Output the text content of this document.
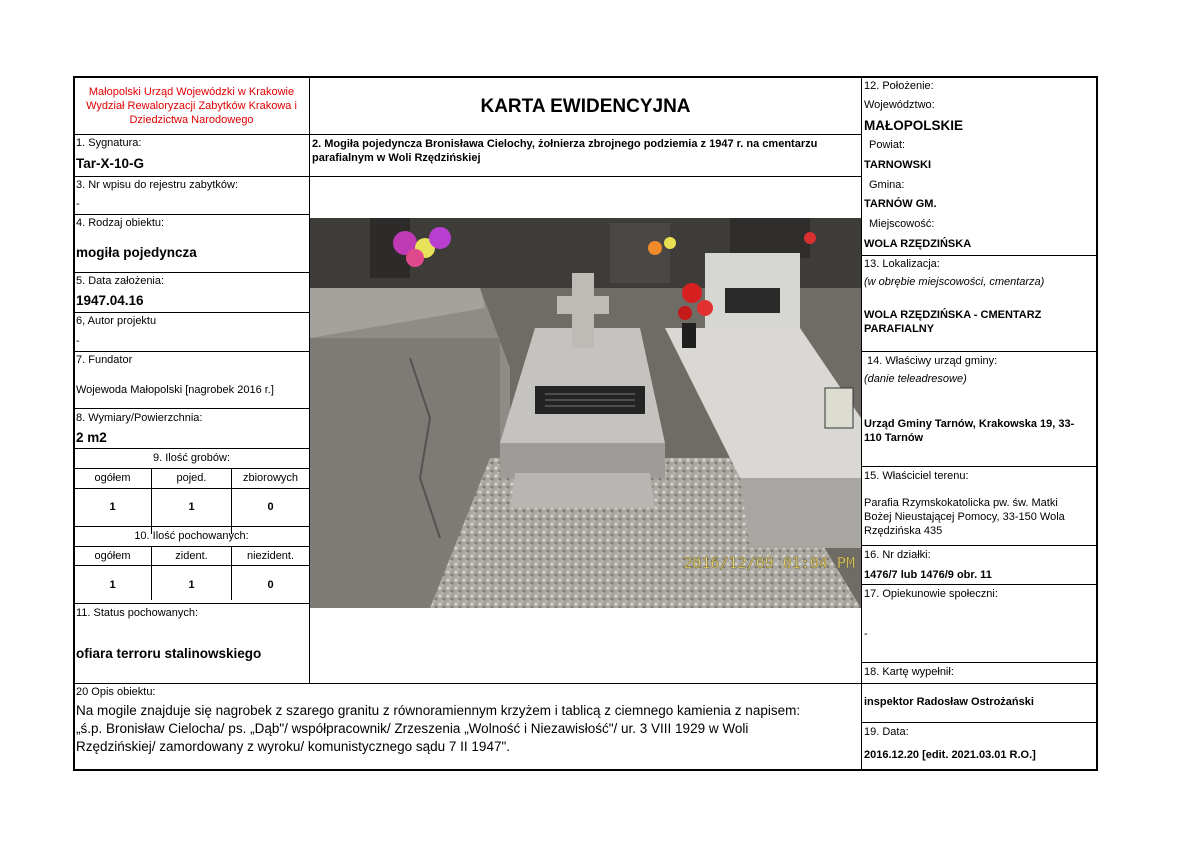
Małopolski Urząd Wojewódzki w Krakowie
Wydział Rewaloryzacji Zabytków Krakowa i
Dziedzictwa Narodowego
KARTA EWIDENCYJNA
1. Sygnatura:
Tar-X-10-G
3. Nr wpisu do rejestru zabytków:
-
4. Rodzaj obiektu:
mogiła pojedyncza
5. Data założenia:
1947.04.16
6, Autor projektu
-
7. Fundator
Wojewoda Małopolski [nagrobek 2016 r.]
8. Wymiary/Powierzchnia:
2 m2
9. Ilość grobów:
ogółem	pojed.	zbiorowych
1	1	0
10. Ilość pochowanych:
ogółem	zident.	niezident.
1	1	0
11. Status pochowanych:
ofiara terroru stalinowskiego
2. Mogiła pojedyncza Bronisława Cielochy, żołnierza zbrojnego podziemia z 1947 r. na cmentarzu
parafialnym w Woli Rzędzińskiej
2016/12/09 01:04 PM
12. Położenie:
Województwo:
MAŁOPOLSKIE
Powiat:
TARNOWSKI
Gmina:
TARNÓW GM.
Miejscowość:
WOLA RZĘDZIŃSKA
13. Lokalizacja:
(w obrębie miejscowości, cmentarza)
WOLA RZĘDZIŃSKA - CMENTARZ
PARAFIALNY
14. Właściwy urząd gminy:
(danie teleadresowe)
Urząd Gminy Tarnów, Krakowska 19, 33-
110 Tarnów
15. Właściciel terenu:
Parafia Rzymskokatolicka pw. św. Matki
Bożej Nieustającej Pomocy, 33-150 Wola
Rzędzińska 435
16. Nr działki:
1476/7 lub 1476/9 obr. 11
17. Opiekunowie społeczni:
-
18. Kartę wypełnił:
inspektor Radosław Ostrożański
19. Data:
2016.12.20 [edit. 2021.03.01 R.O.]
20 Opis obiektu:
Na mogile znajduje się nagrobek z szarego granitu z równoramiennym krzyżem i tablicą z ciemnego kamienia z napisem:
„ś.p. Bronisław Cielocha/ ps. „Dąb"/ współpracownik/ Zrzeszenia „Wolność i Niezawisłość"/ ur. 3 VIII 1929 w Woli
Rzędzińskiej/ zamordowany z wyroku/ komunistycznego sądu 7 II 1947".
